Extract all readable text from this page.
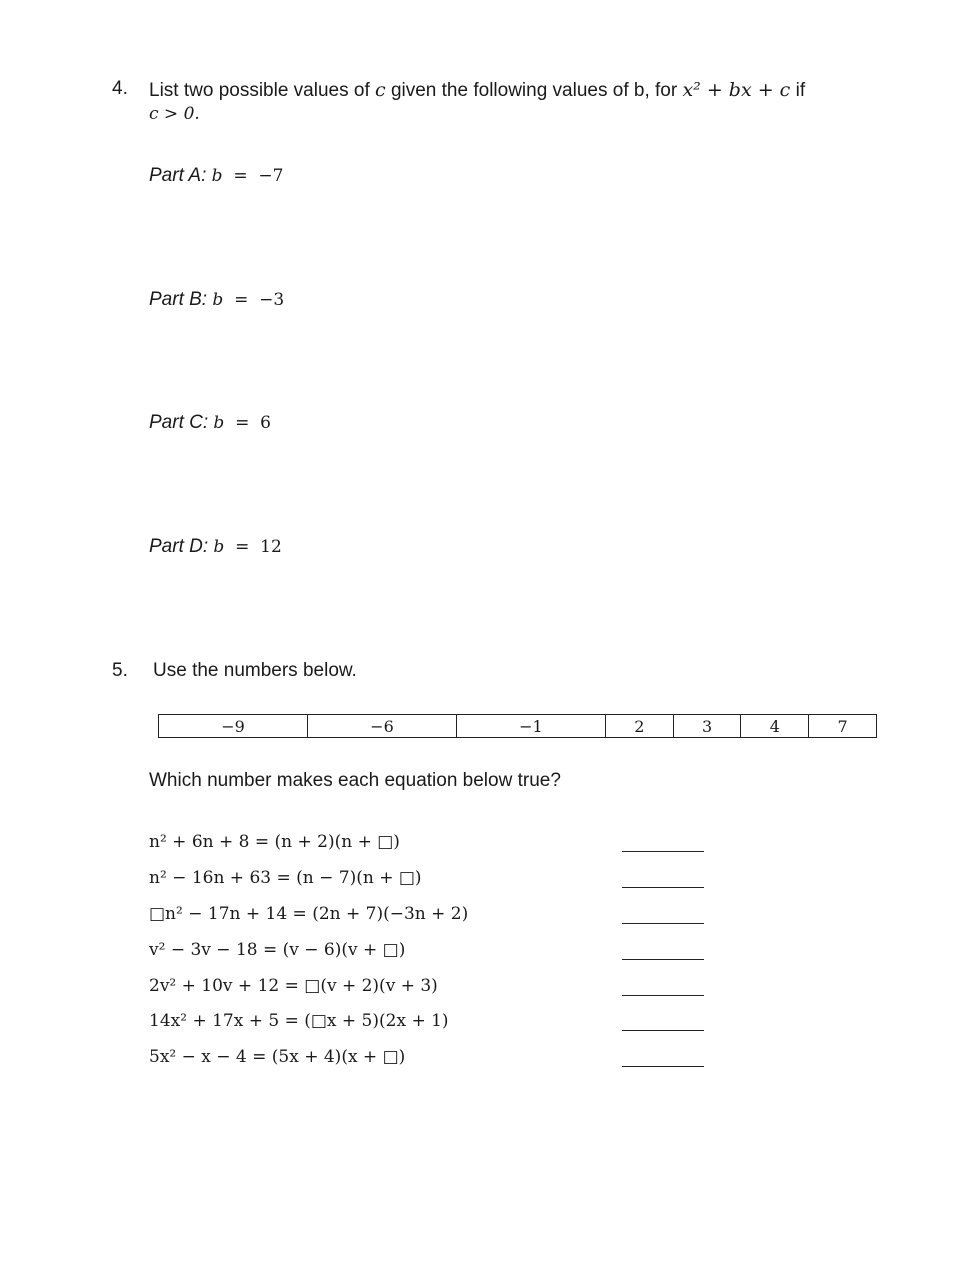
4. List two possible values of c given the following values of b, for x² + bx + c if
c > 0.
Part A: b = −7
Part B: b = −3
Part C: b = 6
Part D: b = 12
5. Use the numbers below.
−9	−6	−1	2	3	4	7
Which number makes each equation below true?
n² + 6n + 8 = (n + 2)(n + □)
n² − 16n + 63 = (n − 7)(n + □)
□n² − 17n + 14 = (2n + 7)(−3n + 2)
v² − 3v − 18 = (v − 6)(v + □)
2v² + 10v + 12 = □(v + 2)(v + 3)
14x² + 17x + 5 = (□x + 5)(2x + 1)
5x² − x − 4 = (5x + 4)(x + □)
